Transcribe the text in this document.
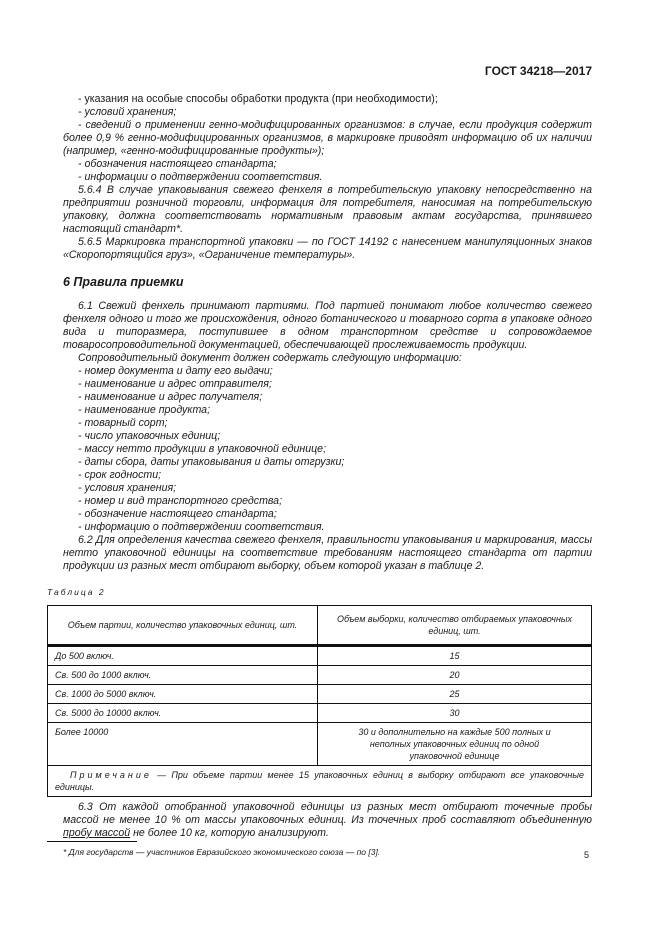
ГОСТ 34218—2017

- указания на особые способы обработки продукта (при необходимости);

- условий хранения;

- сведений о применении генно-модифицированных организмов: в случае, если продукция содержит более 0,9 % генно-модифицированных организмов, в маркировке приводят информацию об их наличии (например, «генно-модифицированные продукты»);

- обозначения настоящего стандарта;

- информации о подтверждении соответствия.

5.6.4 В случае упаковывания свежего фенхеля в потребительскую упаковку непосредственно на предприятии розничной торговли, информация для потребителя, наносимая на потребительскую упаковку, должна соответствовать нормативным правовым актам государства, принявшего настоящий стандарт*.

5.6.5 Маркировка транспортной упаковки — по ГОСТ 14192 с нанесением манипуляционных знаков «Скоропортящийся груз», «Ограничение температуры».

6 Правила приемки

6.1 Свежий фенхель принимают партиями. Под партией понимают любое количество свежего фенхеля одного и того же происхождения, одного ботанического и товарного сорта в упаковке одного вида и типоразмера, поступившее в одном транспортном средстве и сопровождаемое товаросопроводительной документацией, обеспечивающей прослеживаемость продукции.

Сопроводительный документ должен содержать следующую информацию:

- номер документа и дату его выдачи;

- наименование и адрес отправителя;

- наименование и адрес получателя;

- наименование продукта;

- товарный сорт;

- число упаковочных единиц;

- массу нетто продукции в упаковочной единице;

- даты сбора, даты упаковывания и даты отгрузки;

- срок годности;

- условия хранения;

- номер и вид транспортного средства;

- обозначение настоящего стандарта;

- информацию о подтверждении соответствия.

6.2 Для определения качества свежего фенхеля, правильности упаковывания и маркирования, массы нетто упаковочной единицы на соответствие требованиям настоящего стандарта от партии продукции из разных мест отбирают выборку, объем которой указан в таблице 2.

Таблица 2
Объем партии, количество упаковочных единиц, шт.	Объем выборки, количество отбираемых упаковочных единиц, шт.
До 500 включ.	15
Св. 500 до 1000 включ.	20
Св. 1000 до 5000 включ.	25
Св. 5000 до 10000 включ.	30
Более 10000	30 и дополнительно на каждые 500 полных и неполных упаковочных единиц по одной упаковочной единице
Примечание — При объеме партии менее 15 упаковочных единиц в выборку отбирают все упаковочные единицы.	

6.3 От каждой отобранной упаковочной единицы из разных мест отбирают точечные пробы массой не менее 10 % от массы упаковочных единиц. Из точечных проб составляют объединенную пробу массой не более 10 кг, которую анализируют.

* Для государств — участников Евразийского экономического союза — по [3].	5
